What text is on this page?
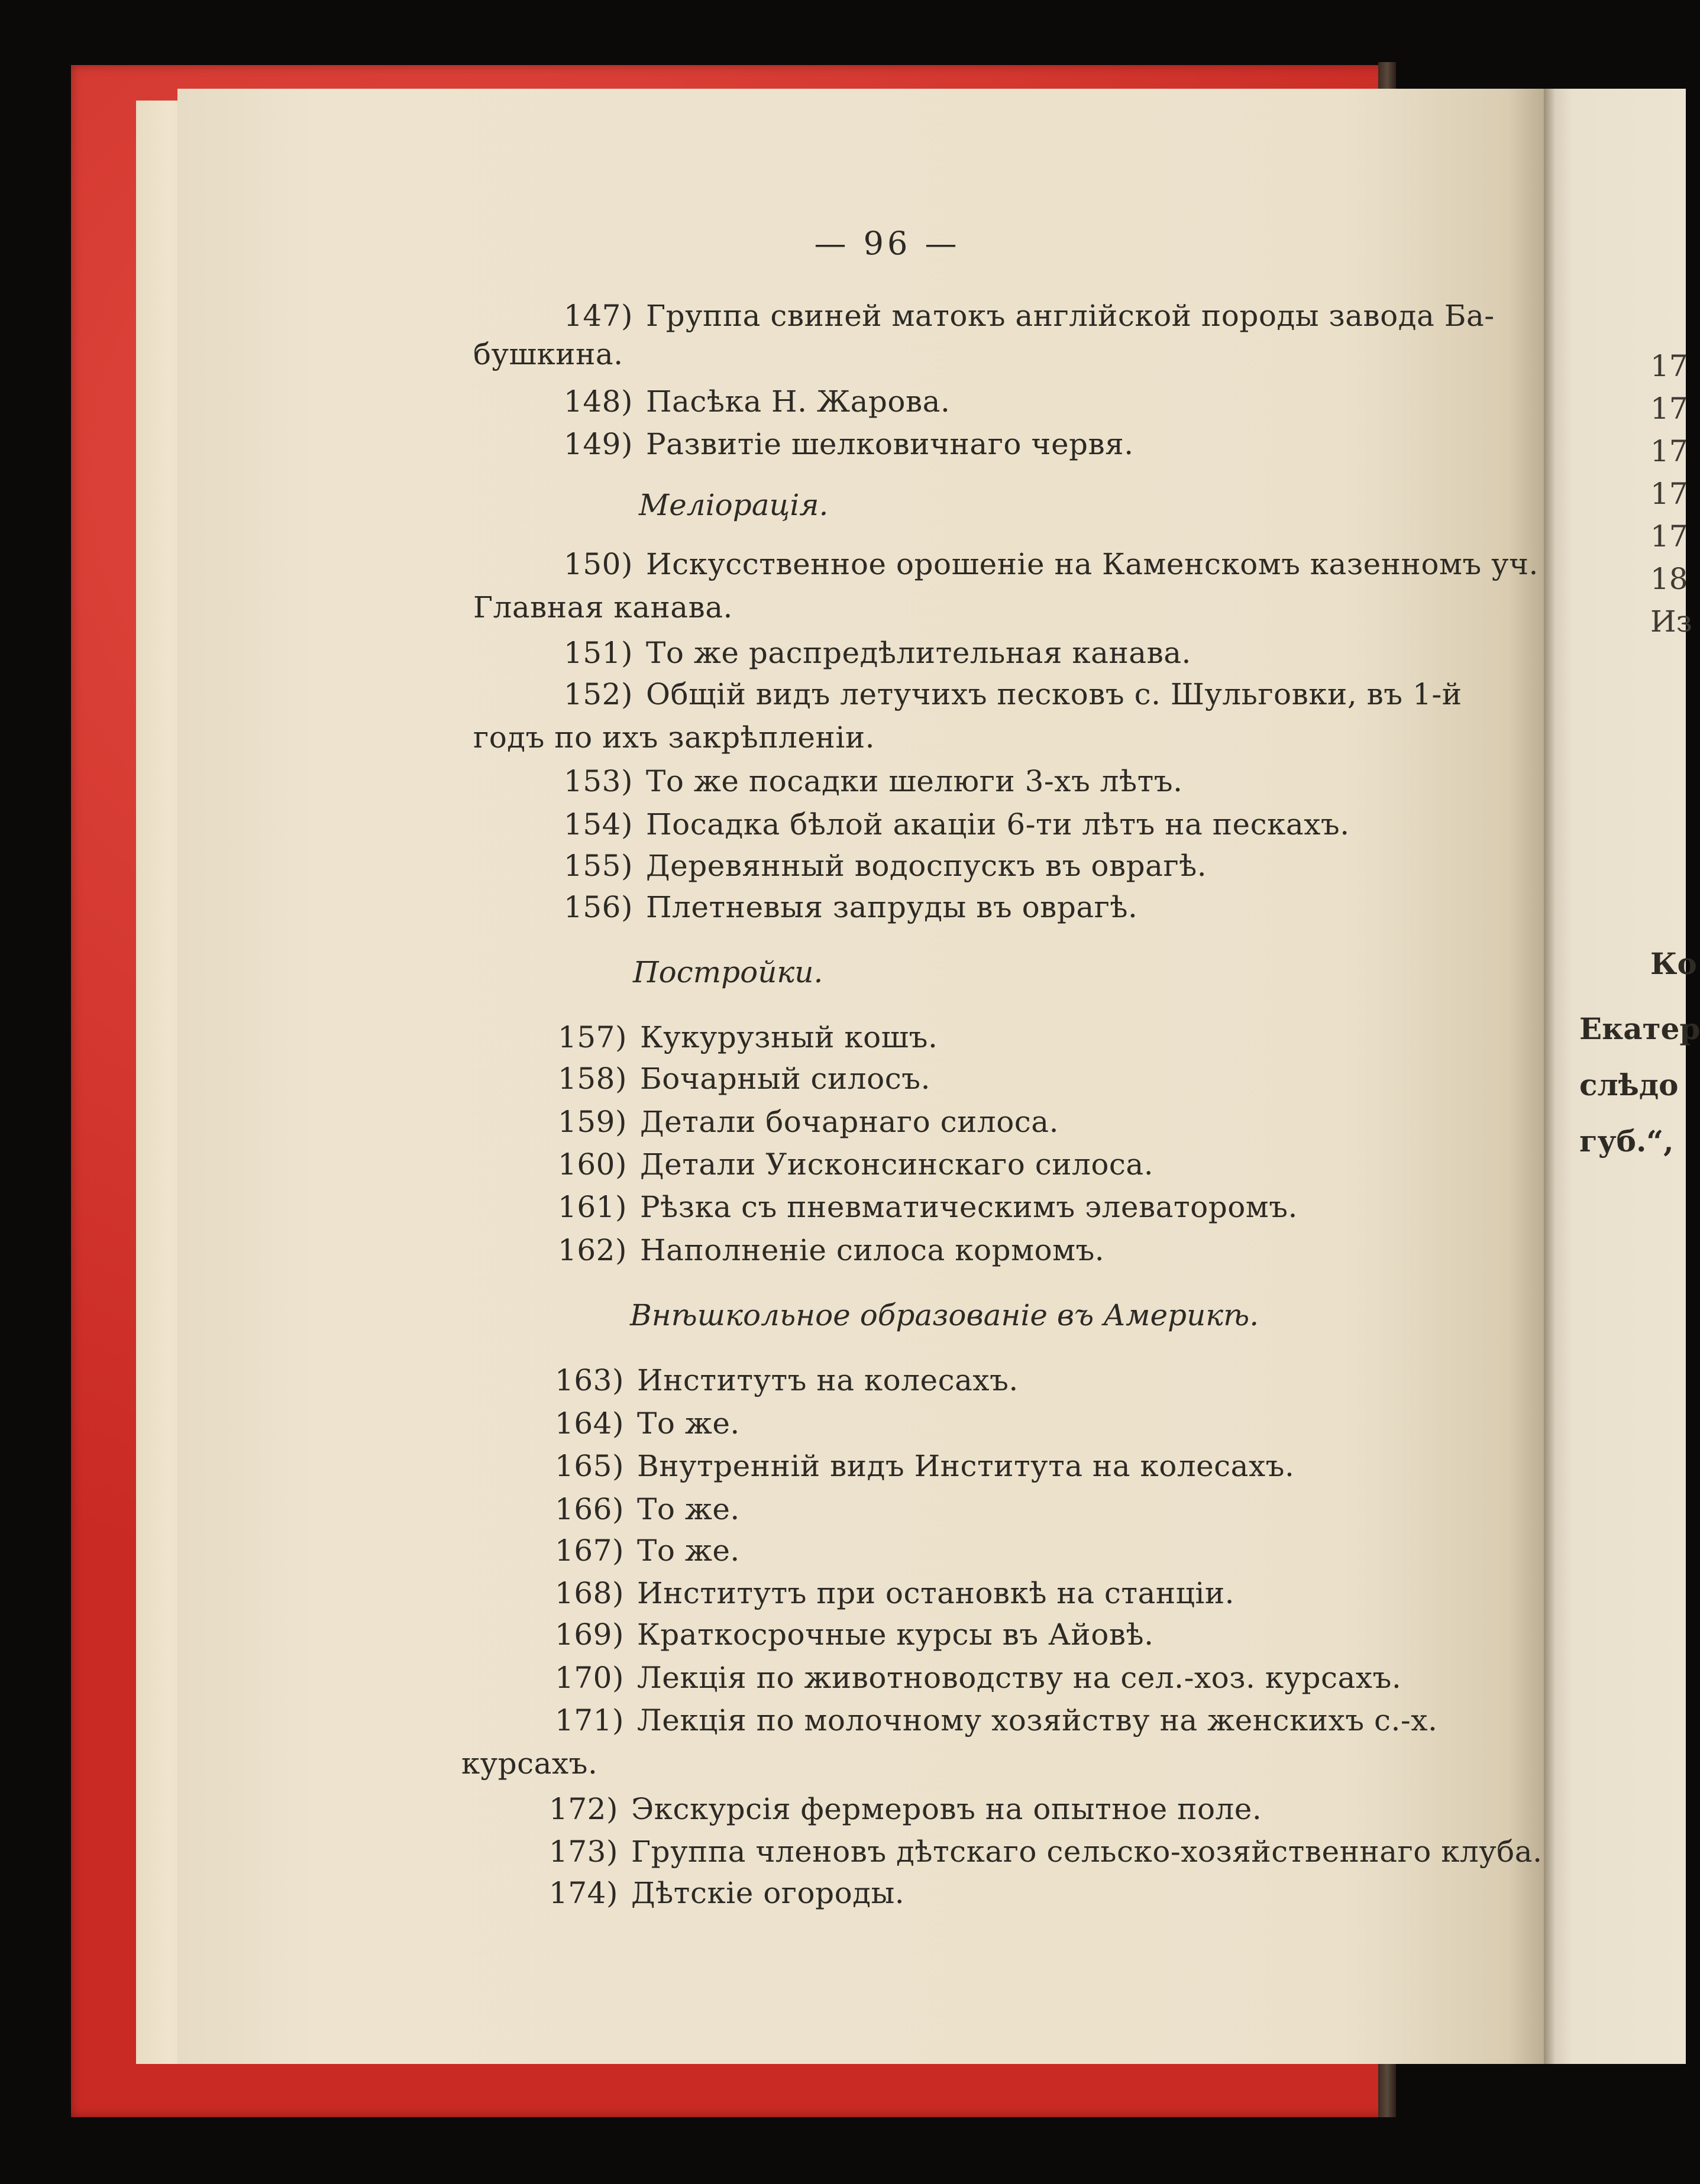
— 96 —
147) Группа свиней матокъ англійской породы завода Ба-
бушкина.
148) Пасѣка Н. Жарова.
149) Развитіе шелковичнаго червя.
Меліорація.
150) Искусственное орошеніе на Каменскомъ казенномъ уч.
Главная канава.
151) То же распредѣлительная канава.
152) Общій видъ летучихъ песковъ с. Шульговки, въ 1-й
годъ по ихъ закрѣпленіи.
153) То же посадки шелюги 3-хъ лѣтъ.
154) Посадка бѣлой акаціи 6-ти лѣтъ на пескахъ.
155) Деревянный водоспускъ въ оврагѣ.
156) Плетневыя запруды въ оврагѣ.
Постройки.
157) Кукурузный кошъ.
158) Бочарный силосъ.
159) Детали бочарнаго силоса.
160) Детали Уисконсинскаго силоса.
161) Рѣзка съ пневматическимъ элеваторомъ.
162) Наполненіе силоса кормомъ.
Внѣшкольное образованіе въ Америкѣ.
163) Институтъ на колесахъ.
164) То же.
165) Внутренній видъ Института на колесахъ.
166) То же.
167) То же.
168) Институтъ при остановкѣ на станціи.
169) Краткосрочные курсы въ Айовѣ.
170) Лекція по животноводству на сел.-хоз. курсахъ.
171) Лекція по молочному хозяйству на женскихъ с.-х.
курсахъ.
172) Экскурсія фермеровъ на опытное поле.
173) Группа членовъ дѣтскаго сельско-хозяйственнаго клуба.
174) Дѣтскіе огороды.
17
17
17
17
17
18
Из
Ко
Екатер
слѣдо
губ.“,
